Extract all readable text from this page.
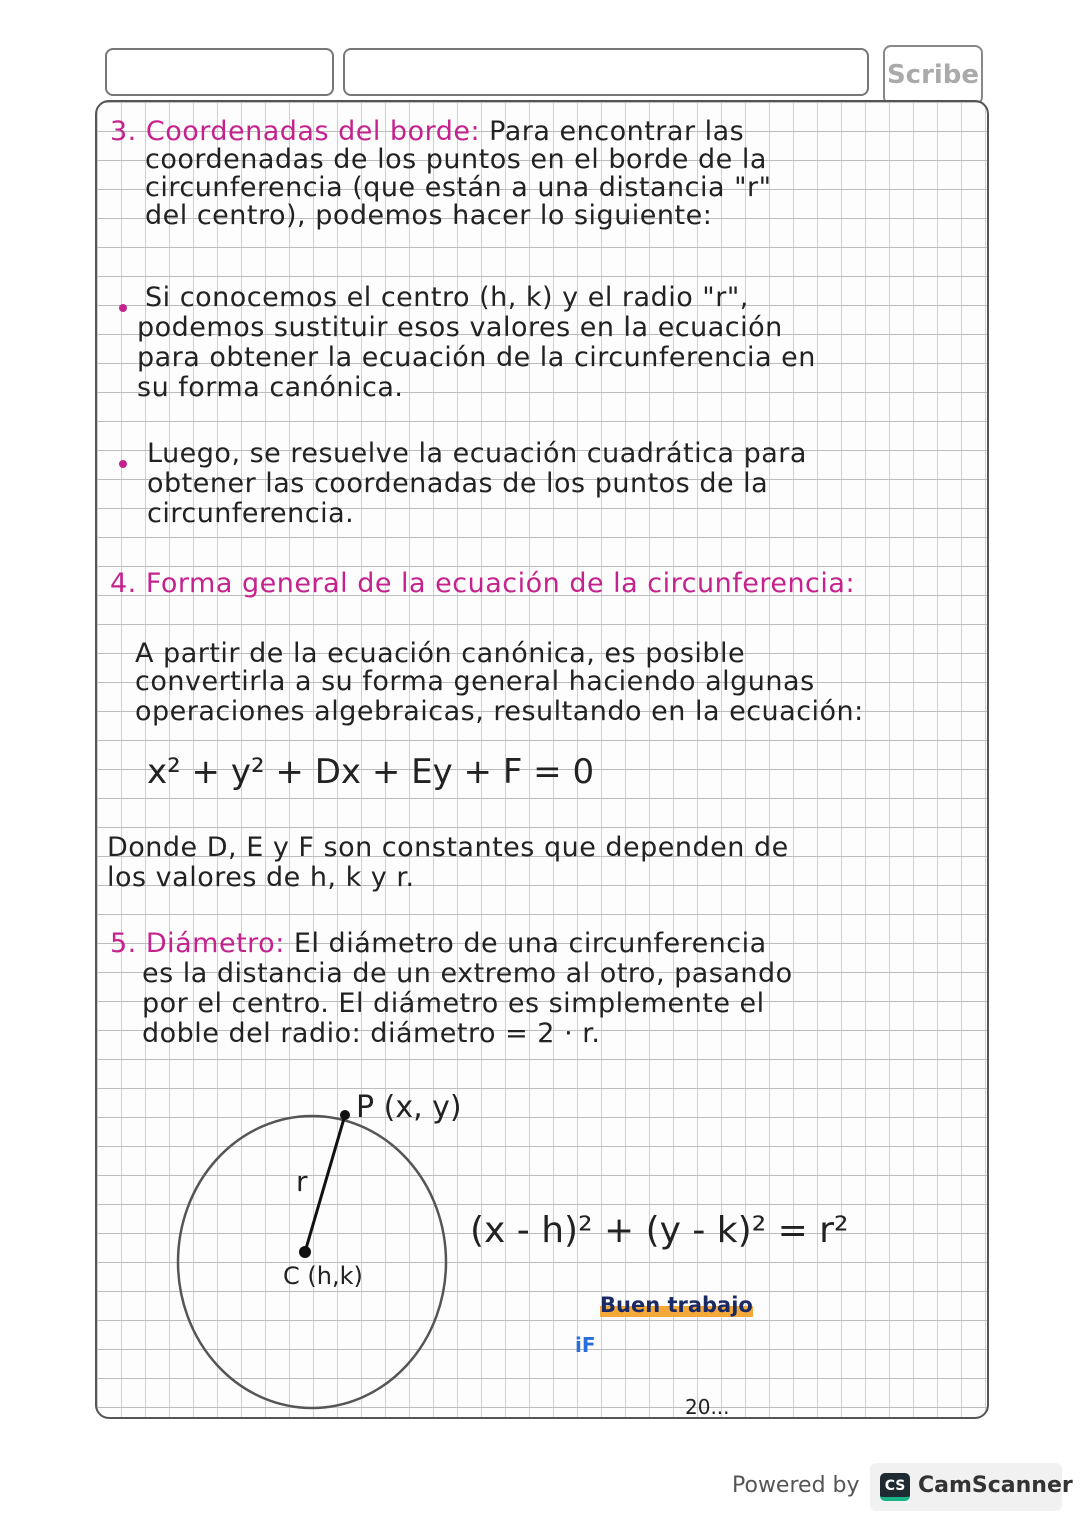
Scribe
3. Coordenadas del borde: Para encontrar las
coordenadas de los puntos en el borde de la
circunferencia (que están a una distancia "r"
del centro), podemos hacer lo siguiente:
Si conocemos el centro (h, k) y el radio "r",
podemos sustituir esos valores en la ecuación
para obtener la ecuación de la circunferencia en
su forma canónica.
Luego, se resuelve la ecuación cuadrática para
obtener las coordenadas de los puntos de la
circunferencia.
4. Forma general de la ecuación de la circunferencia:
A partir de la ecuación canónica, es posible
convertirla a su forma general haciendo algunas
operaciones algebraicas, resultando en la ecuación:
x² + y² + Dx + Ey + F = 0
Donde D, E y F son constantes que dependen de
los valores de h, k y r.
5. Diámetro: El diámetro de una circunferencia
es la distancia de un extremo al otro, pasando
por el centro. El diámetro es simplemente el
doble del radio: diámetro = 2 · r.
P (x, y)
r
C (h,k)
(x - h)² + (y - k)² = r²
Buen trabajo
iF
20...
Powered by	CS CamScanner
